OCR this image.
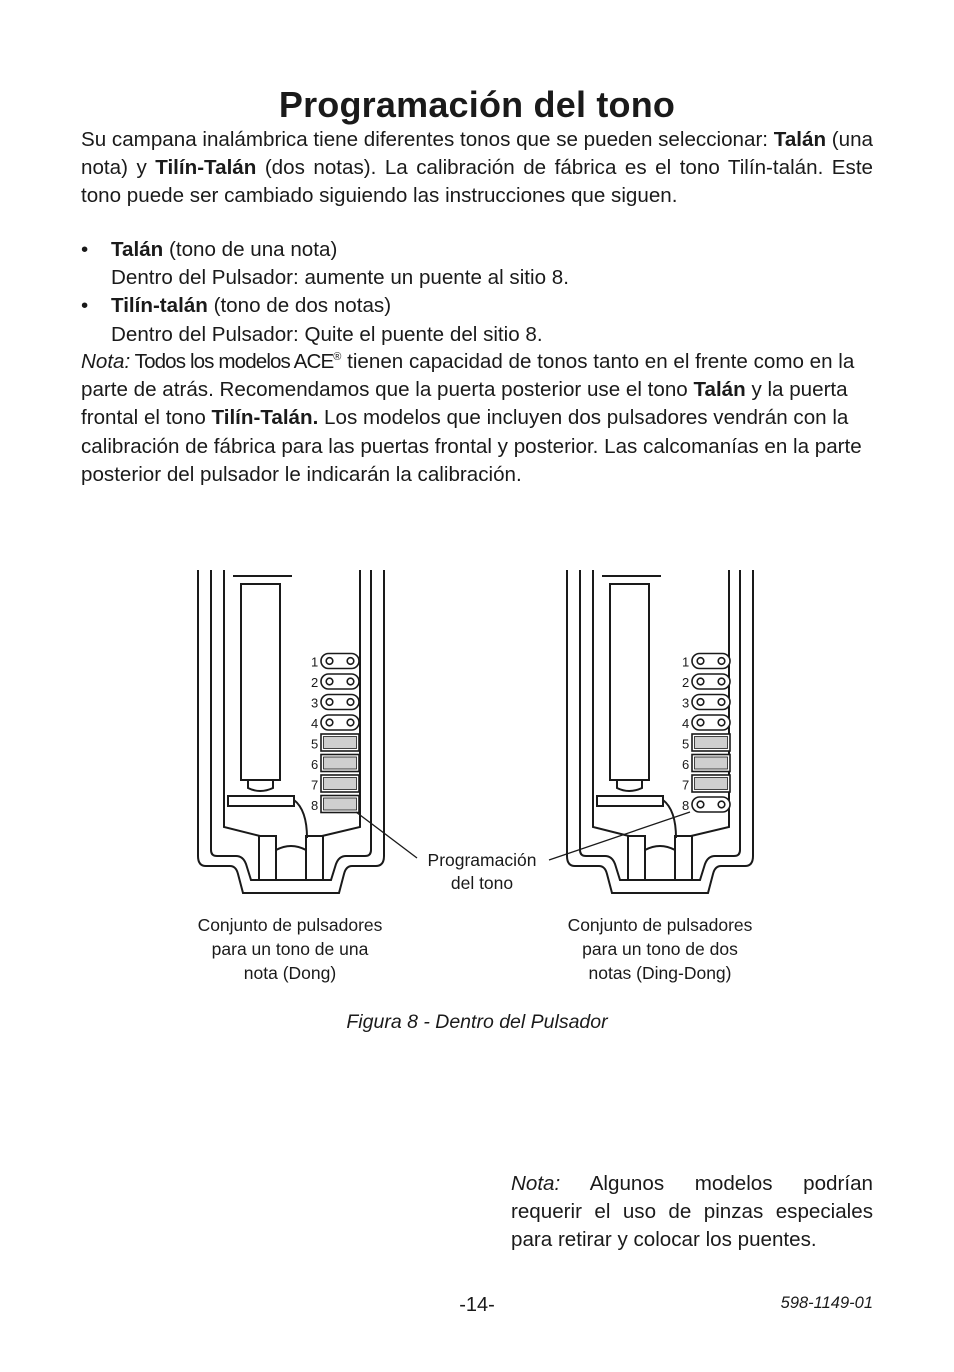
Programación del tono
Su campana inalámbrica tiene diferentes tonos que se pueden seleccionar: Talán (una nota) y Tilín-Talán (dos notas). La calibración de fábrica es el tono Tilín-talán. Este tono puede ser cambiado siguiendo las instrucciones que siguen.
• Talán (tono de una nota)
Dentro del Pulsador: aumente un puente al sitio 8.
• Tilín-talán (tono de dos notas)
Dentro del Pulsador: Quite el puente del sitio 8.
Nota: Todos los modelos ACE® tienen capacidad de tonos tanto en el frente como en la parte de atrás. Recomendamos que la puerta posterior use el tono Talán y la puerta frontal el tono Tilín-Talán. Los modelos que incluyen dos pulsadores vendrán con la calibración de fábrica para las puertas frontal y posterior. Las calcomanías en la parte posterior del pulsador le indicarán la calibración.
1
2
3
4
5
6
7
8
1
2
3
4
5
6
7
8
Programación
del tono
Conjunto de pulsadores
para un tono de una
nota (Dong)
Conjunto de pulsadores
para un tono de dos
notas (Ding-Dong)
Figura 8 - Dentro del Pulsador
Nota: Algunos modelos podrían requerir el uso de pinzas especiales para retirar y colocar los puentes.
-14-	598-1149-01
